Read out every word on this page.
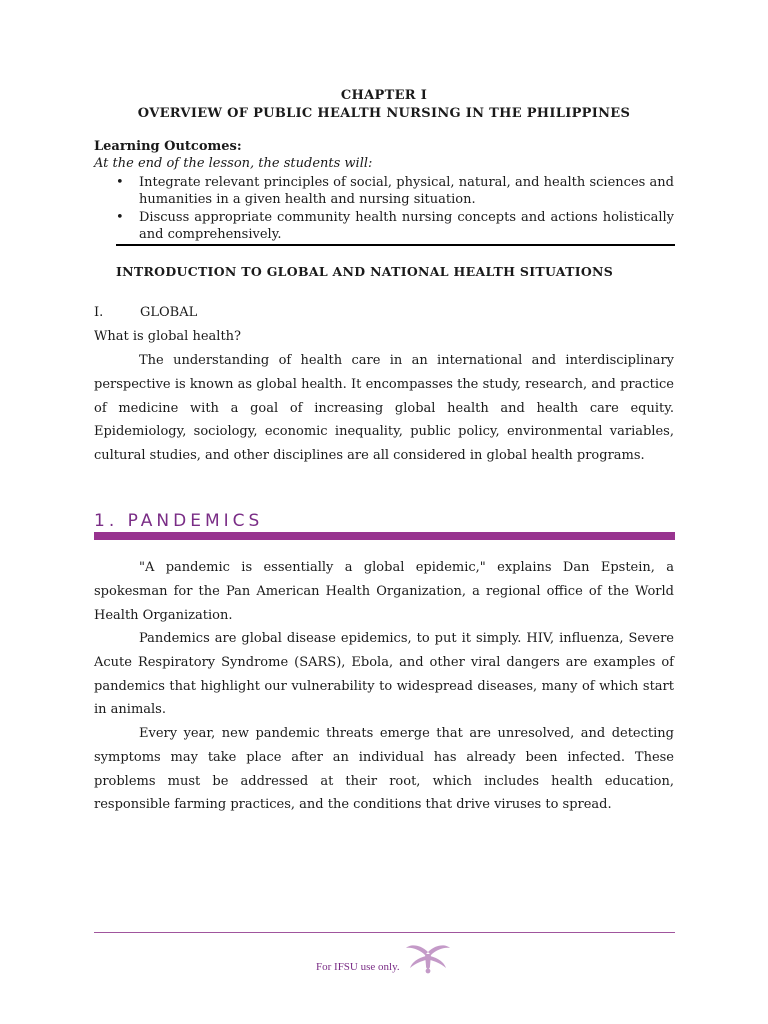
CHAPTER I
OVERVIEW OF PUBLIC HEALTH NURSING IN THE PHILIPPINES
Learning Outcomes:
At the end of the lesson, the students will:
• Integrate relevant principles of social, physical, natural, and health sciences and humanities in a given health and nursing situation.
• Discuss appropriate community health nursing concepts and actions holistically and comprehensively.
INTRODUCTION TO GLOBAL AND NATIONAL HEALTH SITUATIONS
I.	GLOBAL
What is global health?

The understanding of health care in an international and interdisciplinary perspective is known as global health. It encompasses the study, research, and practice of medicine with a goal of increasing global health and health care equity. Epidemiology, sociology, economic inequality, public policy, environmental variables, cultural studies, and other disciplines are all considered in global health programs.

1. PANDEMICS

"A pandemic is essentially a global epidemic," explains Dan Epstein, a spokesman for the Pan American Health Organization, a regional office of the World Health Organization.

Pandemics are global disease epidemics, to put it simply. HIV, influenza, Severe Acute Respiratory Syndrome (SARS), Ebola, and other viral dangers are examples of pandemics that highlight our vulnerability to widespread diseases, many of which start in animals.

Every year, new pandemic threats emerge that are unresolved, and detecting symptoms may take place after an individual has already been infected. These problems must be addressed at their root, which includes health education, responsible farming practices, and the conditions that drive viruses to spread.

For IFSU use only.
